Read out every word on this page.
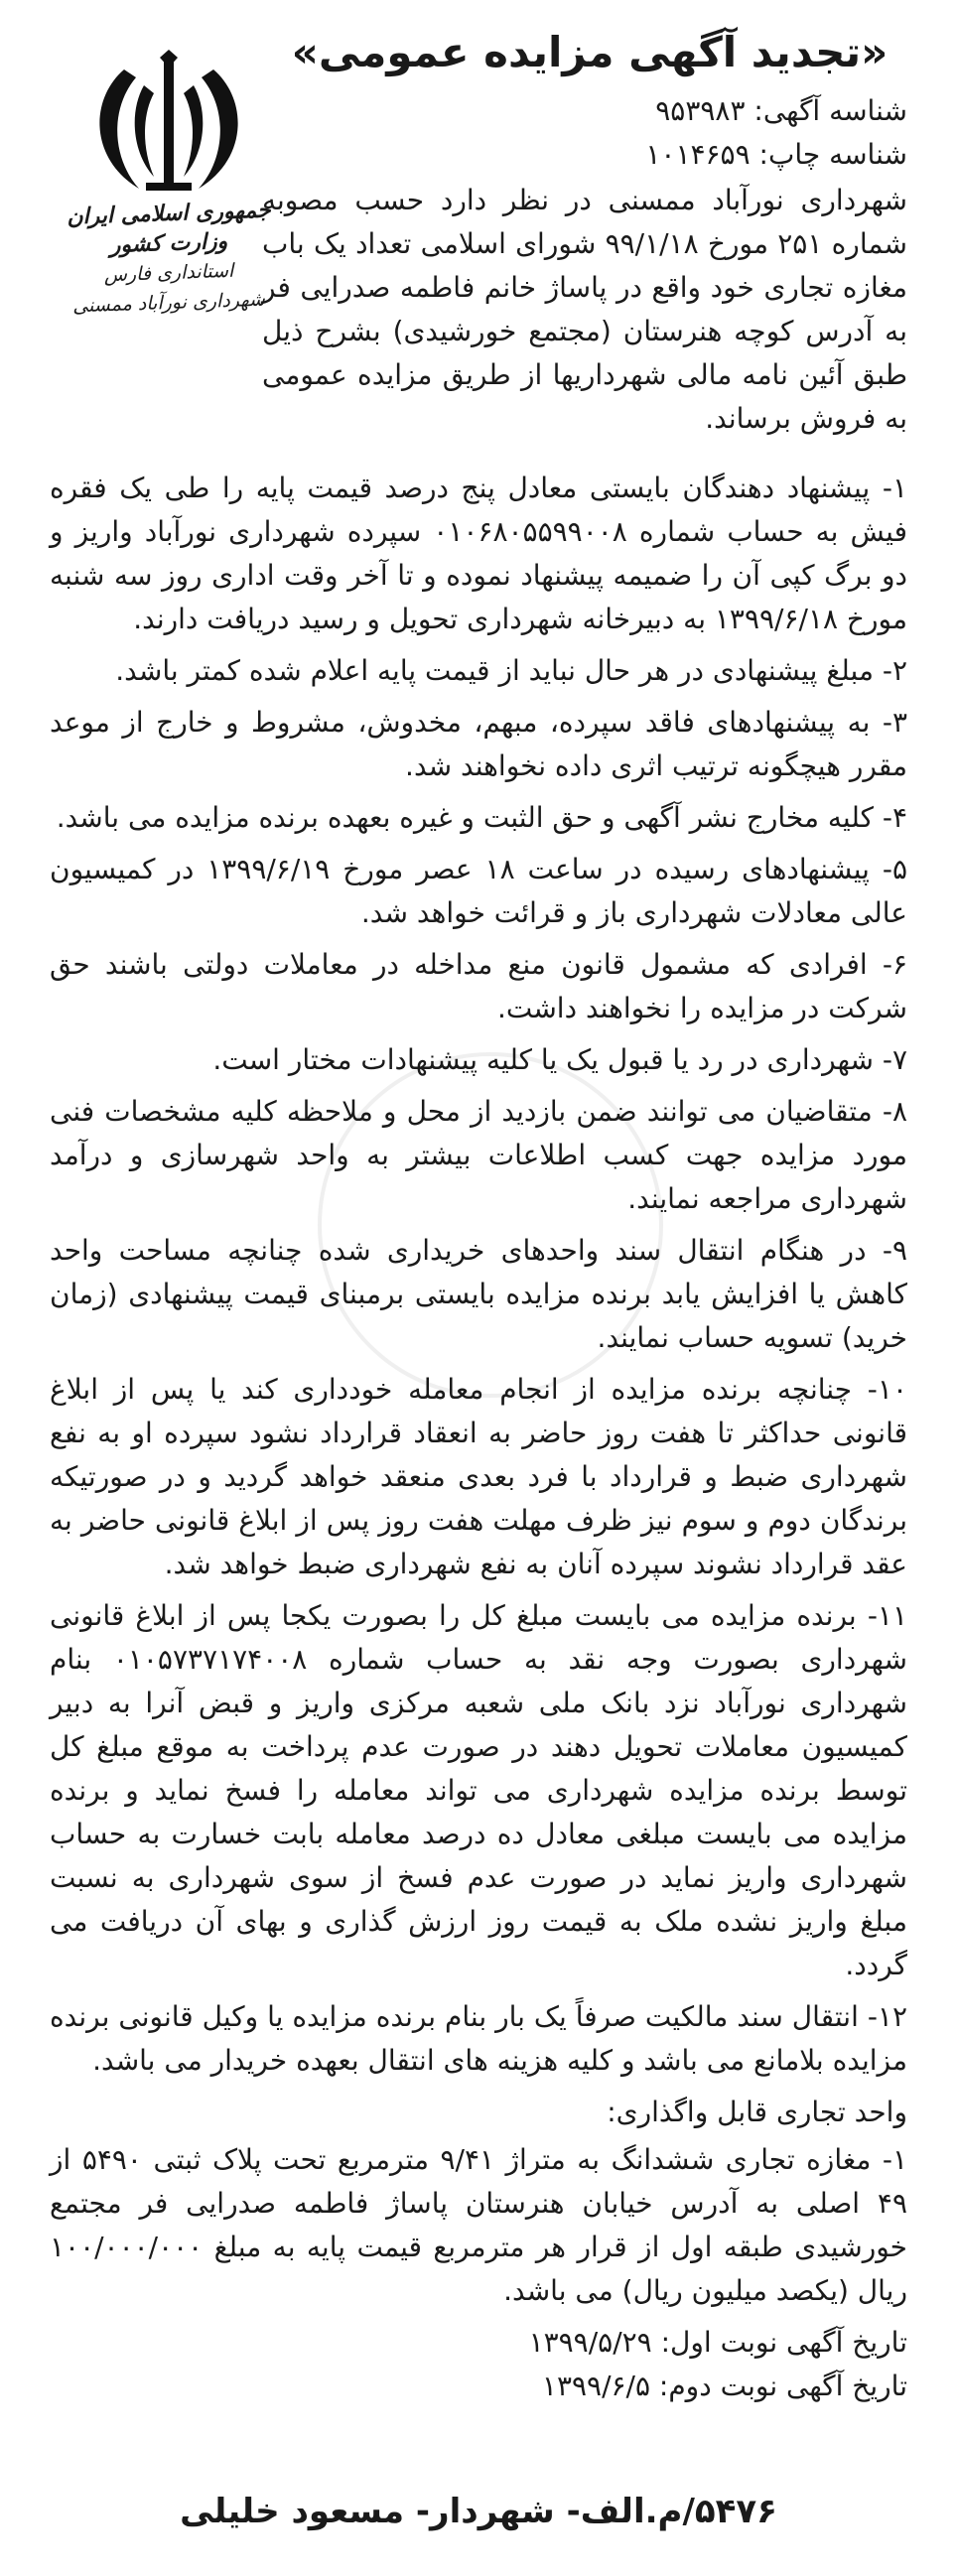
«تجدید آگهی مزایده عمومی»
جمهوری اسلامی ایران
وزارت کشور
استانداری فارس
شهرداری نورآباد ممسنی
شناسه آگهی: ۹۵۳۹۸۳
شناسه چاپ: ۱۰۱۴۶۵۹
شهرداری نورآباد ممسنی در نظر دارد حسب مصوبه شماره ۲۵۱ مورخ ۹۹/۱/۱۸ شورای اسلامی تعداد یک باب مغازه تجاری خود واقع در پاساژ خانم فاطمه صدرایی فر به آدرس کوچه هنرستان (مجتمع خورشیدی) بشرح ذیل طبق آئین نامه مالی شهرداریها از طریق مزایده عمومی به فروش برساند.
۱- پیشنهاد دهندگان بایستی معادل پنج درصد قیمت پایه را طی یک فقره فیش به حساب شماره ۰۱۰۶۸۰۵۵۹۹۰۰۸ سپرده شهرداری نورآباد واریز و دو برگ کپی آن را ضمیمه پیشنهاد نموده و تا آخر وقت اداری روز سه شنبه مورخ ۱۳۹۹/۶/۱۸ به دبیرخانه شهرداری تحویل و رسید دریافت دارند.
۲- مبلغ پیشنهادی در هر حال نباید از قیمت پایه اعلام شده کمتر باشد.
۳- به پیشنهادهای فاقد سپرده، مبهم، مخدوش، مشروط و خارج از موعد مقرر هیچگونه ترتیب اثری داده نخواهند شد.
۴- کلیه مخارج نشر آگهی و حق الثبت و غیره بعهده برنده مزایده می باشد.
۵- پیشنهادهای رسیده در ساعت ۱۸ عصر مورخ ۱۳۹۹/۶/۱۹ در کمیسیون عالی معادلات شهرداری باز و قرائت خواهد شد.
۶- افرادی که مشمول قانون منع مداخله در معاملات دولتی باشند حق شرکت در مزایده را نخواهند داشت.
۷- شهرداری در رد یا قبول یک یا کلیه پیشنهادات مختار است.
۸- متقاضیان می توانند ضمن بازدید از محل و ملاحظه کلیه مشخصات فنی مورد مزایده جهت کسب اطلاعات بیشتر به واحد شهرسازی و درآمد شهرداری مراجعه نمایند.
۹- در هنگام انتقال سند واحدهای خریداری شده چنانچه مساحت واحد کاهش یا افزایش یابد برنده مزایده بایستی برمبنای قیمت پیشنهادی (زمان خرید) تسویه حساب نمایند.
۱۰- چنانچه برنده مزایده از انجام معامله خودداری کند یا پس از ابلاغ قانونی حداکثر تا هفت روز حاضر به انعقاد قرارداد نشود سپرده او به نفع شهرداری ضبط و قرارداد با فرد بعدی منعقد خواهد گردید و در صورتیکه برندگان دوم و سوم نیز ظرف مهلت هفت روز پس از ابلاغ قانونی حاضر به عقد قرارداد نشوند سپرده آنان به نفع شهرداری ضبط خواهد شد.
۱۱- برنده مزایده می بایست مبلغ کل را بصورت یکجا پس از ابلاغ قانونی شهرداری بصورت وجه نقد به حساب شماره ۰۱۰۵۷۳۷۱۷۴۰۰۸ بنام شهرداری نورآباد نزد بانک ملی شعبه مرکزی واریز و قبض آنرا به دبیر کمیسیون معاملات تحویل دهند در صورت عدم پرداخت به موقع مبلغ کل توسط برنده مزایده شهرداری می تواند معامله را فسخ نماید و برنده مزایده می بایست مبلغی معادل ده درصد معامله بابت خسارت به حساب شهرداری واریز نماید در صورت عدم فسخ از سوی شهرداری به نسبت مبلغ واریز نشده ملک به قیمت روز ارزش گذاری و بهای آن دریافت می گردد.
۱۲- انتقال سند مالکیت صرفاً یک بار بنام برنده مزایده یا وکیل قانونی برنده مزایده بلامانع می باشد و کلیه هزینه های انتقال بعهده خریدار می باشد.
واحد تجاری قابل واگذاری:
۱- مغازه تجاری ششدانگ به متراژ ۹/۴۱ مترمربع تحت پلاک ثبتی ۵۴۹۰ از ۴۹ اصلی به آدرس خیابان هنرستان پاساژ فاطمه صدرایی فر مجتمع خورشیدی طبقه اول از قرار هر مترمربع قیمت پایه به مبلغ ۱۰۰/۰۰۰/۰۰۰ ریال (یکصد میلیون ریال) می باشد.
تاریخ آگهی نوبت اول: ۱۳۹۹/۵/۲۹
تاریخ آگهی نوبت دوم: ۱۳۹۹/۶/۵
۵۴۷۶/م.الف- شهردار- مسعود خلیلی
